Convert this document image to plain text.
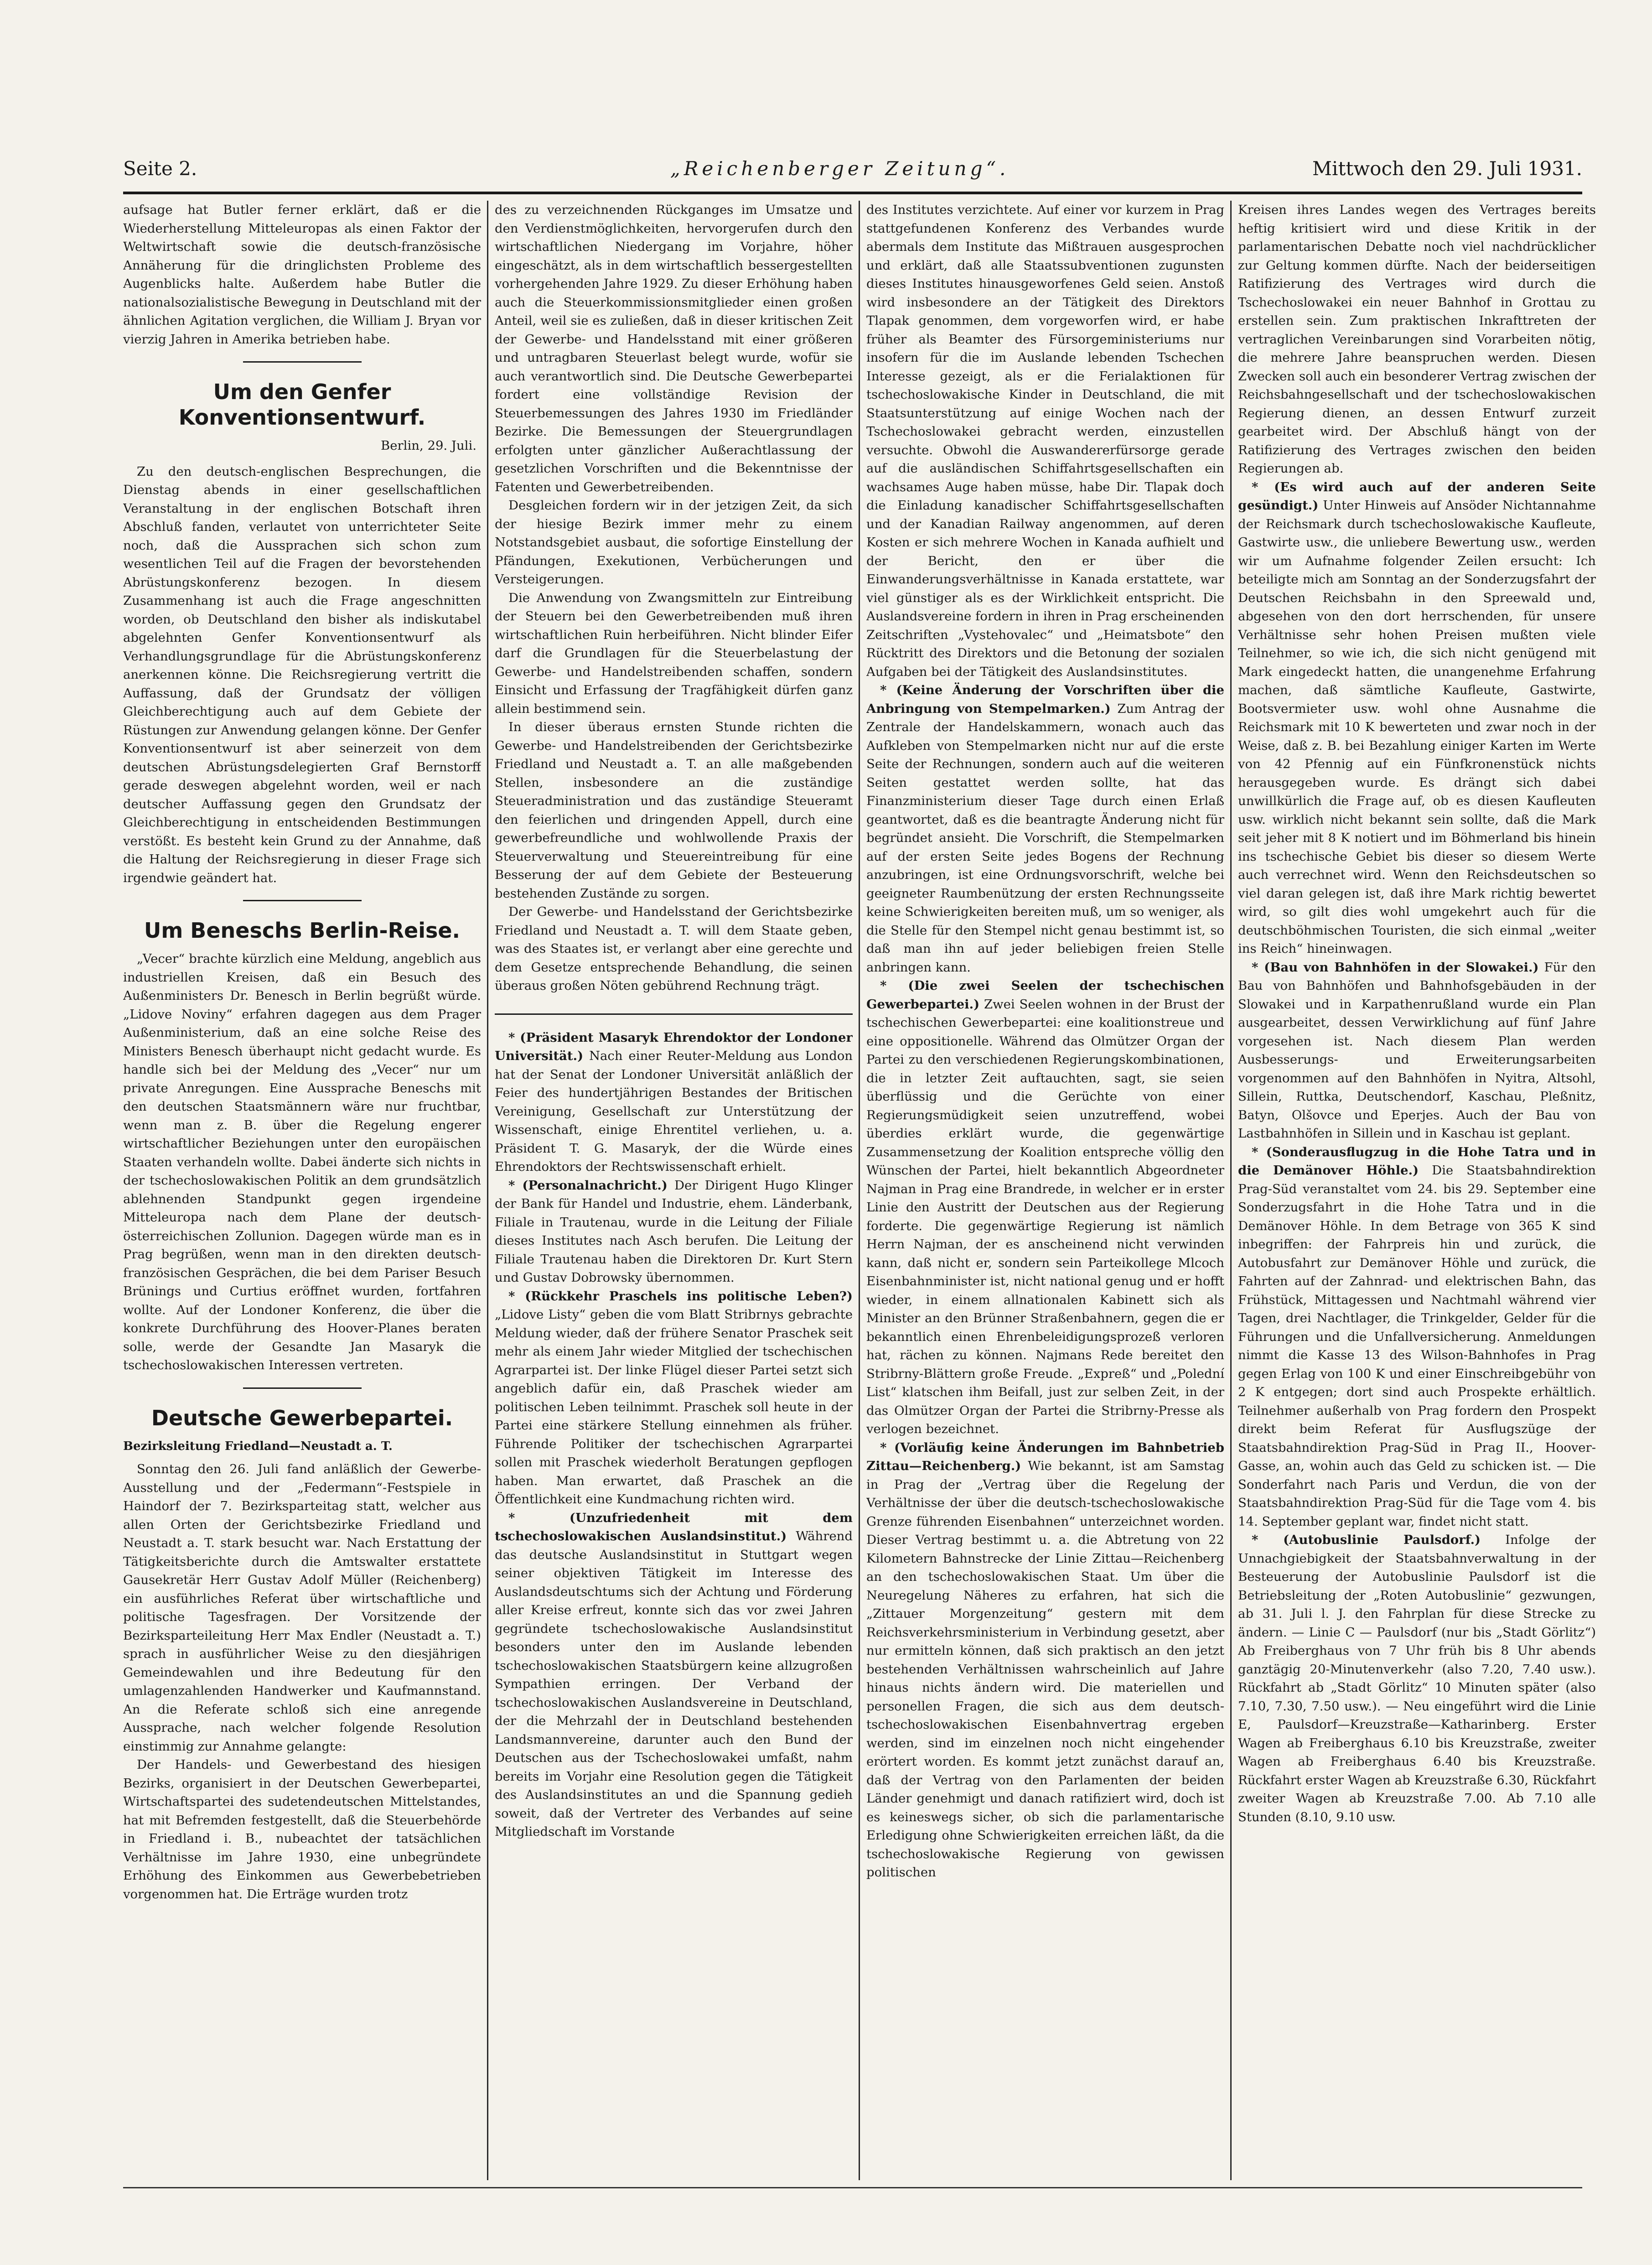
Seite 2.	„Reichenberger Zeitung“.	Mittwoch den 29. Juli 1931.

aufsage hat Butler ferner erklärt, daß er die Wiederherstellung Mitteleuropas als einen Faktor der Weltwirtschaft sowie die deutsch-französische Annäherung für die dringlichsten Probleme des Augenblicks halte. Außerdem habe Butler die nationalsozialistische Bewegung in Deutschland mit der ähnlichen Agitation verglichen, die William J. Bryan vor vierzig Jahren in Amerika betrieben habe.

Um den Genfer Konventionsentwurf.
Berlin, 29. Juli.

Zu den deutsch-englischen Besprechungen, die Dienstag abends in einer gesellschaftlichen Veranstaltung in der englischen Botschaft ihren Abschluß fanden, verlautet von unterrichteter Seite noch, daß die Aussprachen sich schon zum wesentlichen Teil auf die Fragen der bevorstehenden Abrüstungskonferenz bezogen. In diesem Zusammenhang ist auch die Frage angeschnitten worden, ob Deutschland den bisher als indiskutabel abgelehnten Genfer Konventionsentwurf als Verhandlungsgrundlage für die Abrüstungskonferenz anerkennen könne. Die Reichsregierung vertritt die Auffassung, daß der Grundsatz der völligen Gleichberechtigung auch auf dem Gebiete der Rüstungen zur Anwendung gelangen könne. Der Genfer Konventionsentwurf ist aber seinerzeit von dem deutschen Abrüstungsdelegierten Graf Bernstorff gerade deswegen abgelehnt worden, weil er nach deutscher Auffassung gegen den Grundsatz der Gleichberechtigung in entscheidenden Bestimmungen verstößt. Es besteht kein Grund zu der Annahme, daß die Haltung der Reichsregierung in dieser Frage sich irgendwie geändert hat.

Um Beneschs Berlin-Reise.

„Vecer“ brachte kürzlich eine Meldung, angeblich aus industriellen Kreisen, daß ein Besuch des Außenministers Dr. Benesch in Berlin begrüßt würde. „Lidove Noviny“ erfahren dagegen aus dem Prager Außenministerium, daß an eine solche Reise des Ministers Benesch überhaupt nicht gedacht wurde. Es handle sich bei der Meldung des „Vecer“ nur um private Anregungen. Eine Aussprache Beneschs mit den deutschen Staatsmännern wäre nur fruchtbar, wenn man z. B. über die Regelung engerer wirtschaftlicher Beziehungen unter den europäischen Staaten verhandeln wollte. Dabei änderte sich nichts in der tschechoslowakischen Politik an dem grundsätzlich ablehnenden Standpunkt gegen irgendeine Mitteleuropa nach dem Plane der deutsch-österreichischen Zollunion. Dagegen würde man es in Prag begrüßen, wenn man in den direkten deutsch-französischen Gesprächen, die bei dem Pariser Besuch Brünings und Curtius eröffnet wurden, fortfahren wollte. Auf der Londoner Konferenz, die über die konkrete Durchführung des Hoover-Planes beraten solle, werde der Gesandte Jan Masaryk die tschechoslowakischen Interessen vertreten.

Deutsche Gewerbepartei.
Bezirksleitung Friedland—Neustadt a. T.

Sonntag den 26. Juli fand anläßlich der Gewerbe-Ausstellung und der „Federmann“-Festspiele in Haindorf der 7. Bezirksparteitag statt, welcher aus allen Orten der Gerichtsbezirke Friedland und Neustadt a. T. stark besucht war. Nach Erstattung der Tätigkeitsberichte durch die Amtswalter erstattete Gausekretär Herr Gustav Adolf Müller (Reichenberg) ein ausführliches Referat über wirtschaftliche und politische Tagesfragen. Der Vorsitzende der Bezirksparteileitung Herr Max Endler (Neustadt a. T.) sprach in ausführlicher Weise zu den diesjährigen Gemeindewahlen und ihre Bedeutung für den umlagenzahlenden Handwerker und Kaufmannstand. An die Referate schloß sich eine anregende Aussprache, nach welcher folgende Resolution einstimmig zur Annahme gelangte:

Der Handels- und Gewerbestand des hiesigen Bezirks, organisiert in der Deutschen Gewerbepartei, Wirtschaftspartei des sudetendeutschen Mittelstandes, hat mit Befremden festgestellt, daß die Steuerbehörde in Friedland i. B., nubeachtet der tatsächlichen Verhältnisse im Jahre 1930, eine unbegründete Erhöhung des Einkommen aus Gewerbebetrieben vorgenommen hat. Die Erträge wurden trotz

des zu verzeichnenden Rückganges im Umsatze und den Verdienstmöglichkeiten, hervorgerufen durch den wirtschaftlichen Niedergang im Vorjahre, höher eingeschätzt, als in dem wirtschaftlich bessergestellten vorhergehenden Jahre 1929. Zu dieser Erhöhung haben auch die Steuerkommissionsmitglieder einen großen Anteil, weil sie es zuließen, daß in dieser kritischen Zeit der Gewerbe- und Handelsstand mit einer größeren und untragbaren Steuerlast belegt wurde, wofür sie auch verantwortlich sind. Die Deutsche Gewerbepartei fordert eine vollständige Revision der Steuerbemessungen des Jahres 1930 im Friedländer Bezirke. Die Bemessungen der Steuergrundlagen erfolgten unter gänzlicher Außerachtlassung der gesetzlichen Vorschriften und die Bekenntnisse der Fatenten und Gewerbetreibenden.

Desgleichen fordern wir in der jetzigen Zeit, da sich der hiesige Bezirk immer mehr zu einem Notstandsgebiet ausbaut, die sofortige Einstellung der Pfändungen, Exekutionen, Verbücherungen und Versteigerungen.

Die Anwendung von Zwangsmitteln zur Eintreibung der Steuern bei den Gewerbetreibenden muß ihren wirtschaftlichen Ruin herbeiführen. Nicht blinder Eifer darf die Grundlagen für die Steuerbelastung der Gewerbe- und Handelstreibenden schaffen, sondern Einsicht und Erfassung der Tragfähigkeit dürfen ganz allein bestimmend sein.

In dieser überaus ernsten Stunde richten die Gewerbe- und Handelstreibenden der Gerichtsbezirke Friedland und Neustadt a. T. an alle maßgebenden Stellen, insbesondere an die zuständige Steueradministration und das zuständige Steueramt den feierlichen und dringenden Appell, durch eine gewerbefreundliche und wohlwollende Praxis der Steuerverwaltung und Steuereintreibung für eine Besserung der auf dem Gebiete der Besteuerung bestehenden Zustände zu sorgen.

Der Gewerbe- und Handelsstand der Gerichtsbezirke Friedland und Neustadt a. T. will dem Staate geben, was des Staates ist, er verlangt aber eine gerechte und dem Gesetze entsprechende Behandlung, die seinen überaus großen Nöten gebührend Rechnung trägt.

* (Präsident Masaryk Ehrendoktor der Londoner Universität.) Nach einer Reuter-Meldung aus London hat der Senat der Londoner Universität anläßlich der Feier des hundertjährigen Bestandes der Britischen Vereinigung, Gesellschaft zur Unterstützung der Wissenschaft, einige Ehrentitel verliehen, u. a. Präsident T. G. Masaryk, der die Würde eines Ehrendoktors der Rechtswissenschaft erhielt.

* (Personalnachricht.) Der Dirigent Hugo Klinger der Bank für Handel und Industrie, ehem. Länderbank, Filiale in Trautenau, wurde in die Leitung der Filiale dieses Institutes nach Asch berufen. Die Leitung der Filiale Trautenau haben die Direktoren Dr. Kurt Stern und Gustav Dobrowsky übernommen.

* (Rückkehr Praschels ins politische Leben?) „Lidove Listy“ geben die vom Blatt Stribrnys gebrachte Meldung wieder, daß der frühere Senator Praschek seit mehr als einem Jahr wieder Mitglied der tschechischen Agrarpartei ist. Der linke Flügel dieser Partei setzt sich angeblich dafür ein, daß Praschek wieder am politischen Leben teilnimmt. Praschek soll heute in der Partei eine stärkere Stellung einnehmen als früher. Führende Politiker der tschechischen Agrarpartei sollen mit Praschek wiederholt Beratungen gepflogen haben. Man erwartet, daß Praschek an die Öffentlichkeit eine Kundmachung richten wird.

* (Unzufriedenheit mit dem tschechoslowakischen Auslandsinstitut.) Während das deutsche Auslandsinstitut in Stuttgart wegen seiner objektiven Tätigkeit im Interesse des Auslandsdeutschtums sich der Achtung und Förderung aller Kreise erfreut, konnte sich das vor zwei Jahren gegründete tschechoslowakische Auslandsinstitut besonders unter den im Auslande lebenden tschechoslowakischen Staatsbürgern keine allzugroßen Sympathien erringen. Der Verband der tschechoslowakischen Auslandsvereine in Deutschland, der die Mehrzahl der in Deutschland bestehenden Landsmannvereine, darunter auch den Bund der Deutschen aus der Tschechoslowakei umfaßt, nahm bereits im Vorjahr eine Resolution gegen die Tätigkeit des Auslandsinstitutes an und die Spannung gedieh soweit, daß der Vertreter des Verbandes auf seine Mitgliedschaft im Vorstande

des Institutes verzichtete. Auf einer vor kurzem in Prag stattgefundenen Konferenz des Verbandes wurde abermals dem Institute das Mißtrauen ausgesprochen und erklärt, daß alle Staatssubventionen zugunsten dieses Institutes hinausgeworfenes Geld seien. Anstoß wird insbesondere an der Tätigkeit des Direktors Tlapak genommen, dem vorgeworfen wird, er habe früher als Beamter des Fürsorgeministeriums nur insofern für die im Auslande lebenden Tschechen Interesse gezeigt, als er die Ferialaktionen für tschechoslowakische Kinder in Deutschland, die mit Staatsunterstützung auf einige Wochen nach der Tschechoslowakei gebracht werden, einzustellen versuchte. Obwohl die Auswandererfürsorge gerade auf die ausländischen Schiffahrtsgesellschaften ein wachsames Auge haben müsse, habe Dir. Tlapak doch die Einladung kanadischer Schiffahrtsgesellschaften und der Kanadian Railway angenommen, auf deren Kosten er sich mehrere Wochen in Kanada aufhielt und der Bericht, den er über die Einwanderungsverhältnisse in Kanada erstattete, war viel günstiger als es der Wirklichkeit entspricht. Die Auslandsvereine fordern in ihren in Prag erscheinenden Zeitschriften „Vystehovalec“ und „Heimatsbote“ den Rücktritt des Direktors und die Betonung der sozialen Aufgaben bei der Tätigkeit des Auslandsinstitutes.

* (Keine Änderung der Vorschriften über die Anbringung von Stempelmarken.) Zum Antrag der Zentrale der Handelskammern, wonach auch das Aufkleben von Stempelmarken nicht nur auf die erste Seite der Rechnungen, sondern auch auf die weiteren Seiten gestattet werden sollte, hat das Finanzministerium dieser Tage durch einen Erlaß geantwortet, daß es die beantragte Änderung nicht für begründet ansieht. Die Vorschrift, die Stempelmarken auf der ersten Seite jedes Bogens der Rechnung anzubringen, ist eine Ordnungsvorschrift, welche bei geeigneter Raumbenützung der ersten Rechnungsseite keine Schwierigkeiten bereiten muß, um so weniger, als die Stelle für den Stempel nicht genau bestimmt ist, so daß man ihn auf jeder beliebigen freien Stelle anbringen kann.

* (Die zwei Seelen der tschechischen Gewerbepartei.) Zwei Seelen wohnen in der Brust der tschechischen Gewerbepartei: eine koalitionstreue und eine oppositionelle. Während das Olmützer Organ der Partei zu den verschiedenen Regierungskombinationen, die in letzter Zeit auftauchten, sagt, sie seien überflüssig und die Gerüchte von einer Regierungsmüdigkeit seien unzutreffend, wobei überdies erklärt wurde, die gegenwärtige Zusammensetzung der Koalition entspreche völlig den Wünschen der Partei, hielt bekanntlich Abgeordneter Najman in Prag eine Brandrede, in welcher er in erster Linie den Austritt der Deutschen aus der Regierung forderte. Die gegenwärtige Regierung ist nämlich Herrn Najman, der es anscheinend nicht verwinden kann, daß nicht er, sondern sein Parteikollege Mlcoch Eisenbahnminister ist, nicht national genug und er hofft wieder, in einem allnationalen Kabinett sich als Minister an den Brünner Straßenbahnern, gegen die er bekanntlich einen Ehrenbeleidigungsprozeß verloren hat, rächen zu können. Najmans Rede bereitet den Stribrny-Blättern große Freude. „Expreß“ und „Polední List“ klatschen ihm Beifall, just zur selben Zeit, in der das Olmützer Organ der Partei die Stribrny-Presse als verlogen bezeichnet.

* (Vorläufig keine Änderungen im Bahnbetrieb Zittau—Reichenberg.) Wie bekannt, ist am Samstag in Prag der „Vertrag über die Regelung der Verhältnisse der über die deutsch-tschechoslowakische Grenze führenden Eisenbahnen“ unterzeichnet worden. Dieser Vertrag bestimmt u. a. die Abtretung von 22 Kilometern Bahnstrecke der Linie Zittau—Reichenberg an den tschechoslowakischen Staat. Um über die Neuregelung Näheres zu erfahren, hat sich die „Zittauer Morgenzeitung“ gestern mit dem Reichsverkehrsministerium in Verbindung gesetzt, aber nur ermitteln können, daß sich praktisch an den jetzt bestehenden Verhältnissen wahrscheinlich auf Jahre hinaus nichts ändern wird. Die materiellen und personellen Fragen, die sich aus dem deutsch-tschechoslowakischen Eisenbahnvertrag ergeben werden, sind im einzelnen noch nicht eingehender erörtert worden. Es kommt jetzt zunächst darauf an, daß der Vertrag von den Parlamenten der beiden Länder genehmigt und danach ratifiziert wird, doch ist es keineswegs sicher, ob sich die parlamentarische Erledigung ohne Schwierigkeiten erreichen läßt, da die tschechoslowakische Regierung von gewissen politischen

Kreisen ihres Landes wegen des Vertrages bereits heftig kritisiert wird und diese Kritik in der parlamentarischen Debatte noch viel nachdrücklicher zur Geltung kommen dürfte. Nach der beiderseitigen Ratifizierung des Vertrages wird durch die Tschechoslowakei ein neuer Bahnhof in Grottau zu erstellen sein. Zum praktischen Inkrafttreten der vertraglichen Vereinbarungen sind Vorarbeiten nötig, die mehrere Jahre beanspruchen werden. Diesen Zwecken soll auch ein besonderer Vertrag zwischen der Reichsbahngesellschaft und der tschechoslowakischen Regierung dienen, an dessen Entwurf zurzeit gearbeitet wird. Der Abschluß hängt von der Ratifizierung des Vertrages zwischen den beiden Regierungen ab.

* (Es wird auch auf der anderen Seite gesündigt.) Unter Hinweis auf Ansöder Nichtannahme der Reichsmark durch tschechoslowakische Kaufleute, Gastwirte usw., die unliebere Bewertung usw., werden wir um Aufnahme folgender Zeilen ersucht: Ich beteiligte mich am Sonntag an der Sonderzugsfahrt der Deutschen Reichsbahn in den Spreewald und, abgesehen von den dort herrschenden, für unsere Verhältnisse sehr hohen Preisen mußten viele Teilnehmer, so wie ich, die sich nicht genügend mit Mark eingedeckt hatten, die unangenehme Erfahrung machen, daß sämtliche Kaufleute, Gastwirte, Bootsvermieter usw. wohl ohne Ausnahme die Reichsmark mit 10 K bewerteten und zwar noch in der Weise, daß z. B. bei Bezahlung einiger Karten im Werte von 42 Pfennig auf ein Fünfkronenstück nichts herausgegeben wurde. Es drängt sich dabei unwillkürlich die Frage auf, ob es diesen Kaufleuten usw. wirklich nicht bekannt sein sollte, daß die Mark seit jeher mit 8 K notiert und im Böhmerland bis hinein ins tschechische Gebiet bis dieser so diesem Werte auch verrechnet wird. Wenn den Reichsdeutschen so viel daran gelegen ist, daß ihre Mark richtig bewertet wird, so gilt dies wohl umgekehrt auch für die deutschböhmischen Touristen, die sich einmal „weiter ins Reich“ hineinwagen.

* (Bau von Bahnhöfen in der Slowakei.) Für den Bau von Bahnhöfen und Bahnhofsgebäuden in der Slowakei und in Karpathenrußland wurde ein Plan ausgearbeitet, dessen Verwirklichung auf fünf Jahre vorgesehen ist. Nach diesem Plan werden Ausbesserungs- und Erweiterungsarbeiten vorgenommen auf den Bahnhöfen in Nyitra, Altsohl, Sillein, Ruttka, Deutschendorf, Kaschau, Pleßnitz, Batyn, Olšovce und Eperjes. Auch der Bau von Lastbahnhöfen in Sillein und in Kaschau ist geplant.

* (Sonderausflugzug in die Hohe Tatra und in die Demänover Höhle.) Die Staatsbahndirektion Prag-Süd veranstaltet vom 24. bis 29. September eine Sonderzugsfahrt in die Hohe Tatra und in die Demänover Höhle. In dem Betrage von 365 K sind inbegriffen: der Fahrpreis hin und zurück, die Autobusfahrt zur Demänover Höhle und zurück, die Fahrten auf der Zahnrad- und elektrischen Bahn, das Frühstück, Mittagessen und Nachtmahl während vier Tagen, drei Nachtlager, die Trinkgelder, Gelder für die Führungen und die Unfallversicherung. Anmeldungen nimmt die Kasse 13 des Wilson-Bahnhofes in Prag gegen Erlag von 100 K und einer Einschreibgebühr von 2 K entgegen; dort sind auch Prospekte erhältlich. Teilnehmer außerhalb von Prag fordern den Prospekt direkt beim Referat für Ausflugszüge der Staatsbahndirektion Prag-Süd in Prag II., Hoover-Gasse, an, wohin auch das Geld zu schicken ist. — Die Sonderfahrt nach Paris und Verdun, die von der Staatsbahndirektion Prag-Süd für die Tage vom 4. bis 14. September geplant war, findet nicht statt.

* (Autobuslinie Paulsdorf.) Infolge der Unnachgiebigkeit der Staatsbahnverwaltung in der Besteuerung der Autobuslinie Paulsdorf ist die Betriebsleitung der „Roten Autobuslinie“ gezwungen, ab 31. Juli l. J. den Fahrplan für diese Strecke zu ändern. — Linie C — Paulsdorf (nur bis „Stadt Görlitz“) Ab Freiberghaus von 7 Uhr früh bis 8 Uhr abends ganztägig 20-Minutenverkehr (also 7.20, 7.40 usw.). Rückfahrt ab „Stadt Görlitz“ 10 Minuten später (also 7.10, 7.30, 7.50 usw.). — Neu eingeführt wird die Linie E, Paulsdorf—Kreuzstraße—Katharinberg. Erster Wagen ab Freiberghaus 6.10 bis Kreuzstraße, zweiter Wagen ab Freiberghaus 6.40 bis Kreuzstraße. Rückfahrt erster Wagen ab Kreuzstraße 6.30, Rückfahrt zweiter Wagen ab Kreuzstraße 7.00. Ab 7.10 alle Stunden (8.10, 9.10 usw.
